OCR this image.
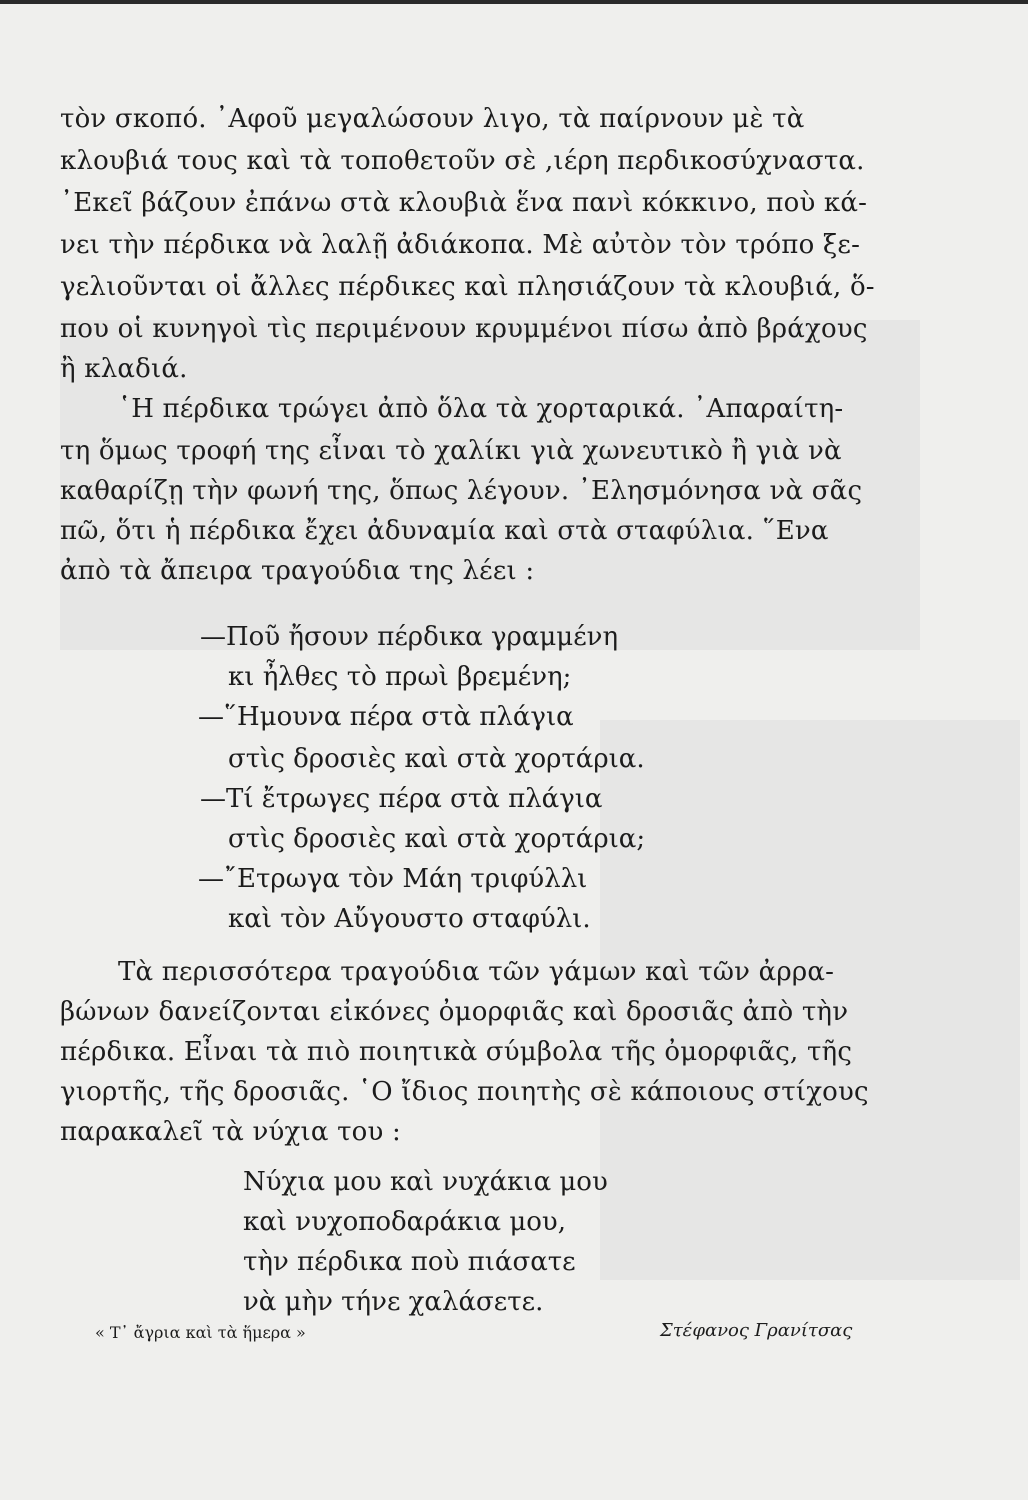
τὸν σκοπό. ᾿Αφοῦ μεγαλώσουν λιγο, τὰ παίρνουν μὲ τὰ
κλουβιά τους καὶ τὰ τοποθετοῦν σὲ ,ιέρη περδικοσύχναστα.
᾿Εκεῖ βάζουν ἐπάνω στὰ κλουβιὰ ἕνα πανὶ κόκκινο, ποὺ κά-
νει τὴν πέρδικα νὰ λαλῇ ἀδιάκοπα. Μὲ αὐτὸν τὸν τρόπο ξε-
γελιοῦνται οἱ ἄλλες πέρδικες καὶ πλησιάζουν τὰ κλουβιά, ὅ-
που οἱ κυνηγοὶ τὶς περιμένουν κρυμμένοι πίσω ἀπὸ βράχους
ἢ κλαδιά.
῾Η πέρδικα τρώγει ἀπὸ ὅλα τὰ χορταρικά. ᾿Απαραίτη-
τη ὅμως τροφή της εἶναι τὸ χαλίκι γιὰ χωνευτικὸ ἢ γιὰ νὰ
καθαρίζῃ τὴν φωνή της, ὅπως λέγουν. ᾿Ελησμόνησα νὰ σᾶς
πῶ, ὅτι ἡ πέρδικα ἔχει ἀδυναμία καὶ στὰ σταφύλια. ῞Ενα
ἀπὸ τὰ ἄπειρα τραγούδια της λέει :
—Ποῦ ἤσουν πέρδικα γραμμένη
κι ἦλθες τὸ πρωὶ βρεμένη;
—῞Ημουνα πέρα στὰ πλάγια
στὶς δροσιὲς καὶ στὰ χορτάρια.
—Τί ἔτρωγες πέρα στὰ πλάγια
στὶς δροσιὲς καὶ στὰ χορτάρια;
—῎Ετρωγα τὸν Μάη τριφύλλι
καὶ τὸν Αὔγουστο σταφύλι.
Τὰ περισσότερα τραγούδια τῶν γάμων καὶ τῶν ἀρρα-
βώνων δανείζονται εἰκόνες ὀμορφιᾶς καὶ δροσιᾶς ἀπὸ τὴν
πέρδικα. Εἶναι τὰ πιὸ ποιητικὰ σύμβολα τῆς ὀμορφιᾶς, τῆς
γιορτῆς, τῆς δροσιᾶς. ῾Ο ἴδιος ποιητὴς σὲ κάποιους στίχους
παρακαλεῖ τὰ νύχια του :
Νύχια μου καὶ νυχάκια μου
καὶ νυχοποδαράκια μου,
τὴν πέρδικα ποὺ πιάσατε
νὰ μὴν τήνε χαλάσετε.
« Τ᾿ ἄγρια καὶ τὰ ἥμερα »	Στέφανος Γρανίτσας
